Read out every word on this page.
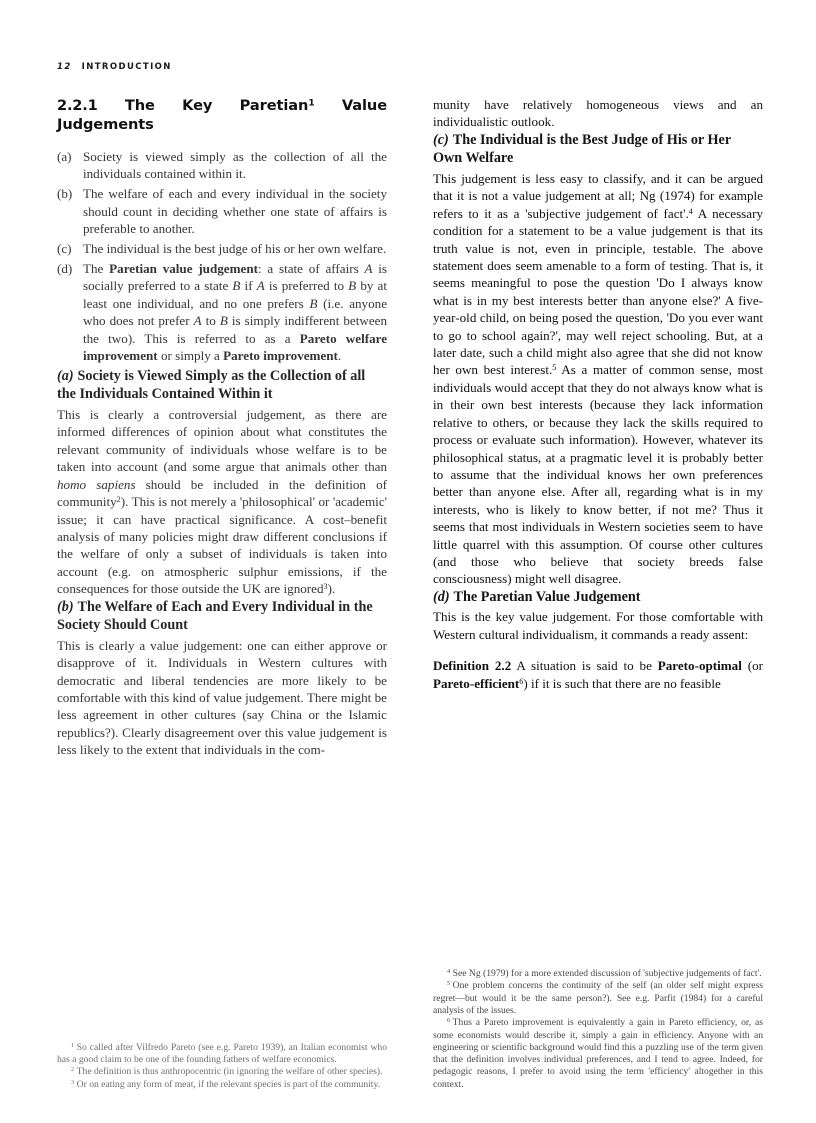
12 INTRODUCTION
2.2.1 The Key Paretian$^1$ Value Judgements
(a) Society is viewed simply as the collection of all the individuals contained within it.
(b) The welfare of each and every individual in the society should count in deciding whether one state of affairs is preferable to another.
(c) The individual is the best judge of his or her own welfare.
(d) The Paretian value judgement: a state of affairs A is socially preferred to a state B if A is preferred to B by at least one individual, and no one prefers B (i.e. anyone who does not prefer A to B is simply indifferent between the two). This is referred to as a Pareto welfare improvement or simply a Pareto improvement.
(a) Society is Viewed Simply as the Collection of all the Individuals Contained Within it

This is clearly a controversial judgement, as there are informed differences of opinion about what constitutes the relevant community of individuals whose welfare is to be taken into account (and some argue that animals other than homo sapiens should be included in the definition of community$^2$). This is not merely a 'philosophical' or 'academic' issue; it can have practical significance. A cost–benefit analysis of many policies might draw different conclusions if the welfare of only a subset of individuals is taken into account (e.g. on atmospheric sulphur emissions, if the consequences for those outside the UK are ignored$^3$).

(b) The Welfare of Each and Every Individual in the Society Should Count

This is clearly a value judgement: one can either approve or disapprove of it. Individuals in Western cultures with democratic and liberal tendencies are more likely to be comfortable with this kind of value judgement. There might be less agreement in other cultures (say China or the Islamic republics?). Clearly disagreement over this value judgement is less likely to the extent that individuals in the com-

$^1$ So called after Vilfredo Pareto (see e.g. Pareto 1939), an Italian economist who has a good claim to be one of the founding fathers of welfare economics.

$^2$ The definition is thus anthropocentric (in ignoring the welfare of other species).

$^3$ Or on eating any form of meat, if the relevant species is part of the community.

munity have relatively homogeneous views and an individualistic outlook.

(c) The Individual is the Best Judge of His or Her Own Welfare

This judgement is less easy to classify, and it can be argued that it is not a value judgement at all; Ng (1974) for example refers to it as a 'subjective judgement of fact'.$^4$ A necessary condition for a statement to be a value judgement is that its truth value is not, even in principle, testable. The above statement does seem amenable to a form of testing. That is, it seems meaningful to pose the question 'Do I always know what is in my best interests better than anyone else?' A five-year-old child, on being posed the question, 'Do you ever want to go to school again?', may well reject schooling. But, at a later date, such a child might also agree that she did not know her own best interest.$^5$ As a matter of common sense, most individuals would accept that they do not always know what is in their own best interests (because they lack information relative to others, or because they lack the skills required to process or evaluate such information). However, whatever its philosophical status, at a pragmatic level it is probably better to assume that the individual knows her own preferences better than anyone else. After all, regarding what is in my interests, who is likely to know better, if not me? Thus it seems that most individuals in Western societies seem to have little quarrel with this assumption. Of course other cultures (and those who believe that society breeds false consciousness) might well disagree.

(d) The Paretian Value Judgement

This is the key value judgement. For those comfortable with Western cultural individualism, it commands a ready assent:

Definition 2.2 A situation is said to be Pareto-optimal (or Pareto-efficient$^6$) if it is such that there are no feasible

$^4$ See Ng (1979) for a more extended discussion of 'subjective judgements of fact'.

$^5$ One problem concerns the continuity of the self (an older self might express regret—but would it be the same person?). See e.g. Parfit (1984) for a careful analysis of the issues.

$^6$ Thus a Pareto improvement is equivalently a gain in Pareto efficiency, or, as some economists would describe it, simply a gain in efficiency. Anyone with an engineering or scientific background would find this a puzzling use of the term given that the definition involves individual preferences, and I tend to agree. Indeed, for pedagogic reasons, I prefer to avoid using the term 'efficiency' altogether in this context.
